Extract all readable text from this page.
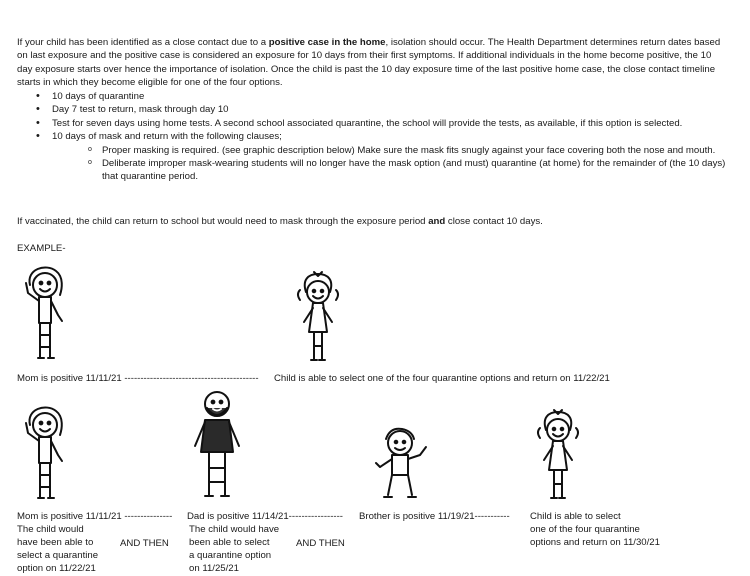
If your child has been identified as a close contact due to a positive case in the home, isolation should occur. The Health Department determines return dates based on last exposure and the positive case is considered an exposure for 10 days from their first symptoms. If additional individuals in the home become positive, the 10 day exposure starts over hence the importance of isolation. Once the child is past the 10 day exposure time of the last positive home case, the close contact timeline starts in which they become eligible for one of the four options.
• 10 days of quarantine
• Day 7 test to return, mask through day 10
• Test for seven days using home tests. A second school associated quarantine, the school will provide the tests, as available, if this option is selected.
• 10 days of mask and return with the following clauses;
o Proper masking is required. (see graphic description below) Make sure the mask fits snugly against your face covering both the nose and mouth.
o Deliberate improper mask-wearing students will no longer have the mask option (and must) quarantine (at home) for the remainder of (the 10 days) that quarantine period.
If vaccinated, the child can return to school but would need to mask through the exposure period and close contact 10 days.
EXAMPLE-
Mom is positive 11/11/21 ------------------------------------------ Child is able to select one of the four quarantine options and return on 11/22/21
Mom is positive 11/11/21 --------------- Dad is positive 11/14/21----------------- Brother is positive 11/19/21----------- Child is able to select
one of the four quarantine
options and return on 11/30/21
The child would
have been able to
select a quarantine
option on 11/22/21
AND THEN
The child would have
been able to select
a quarantine option
on 11/25/21
AND THEN
